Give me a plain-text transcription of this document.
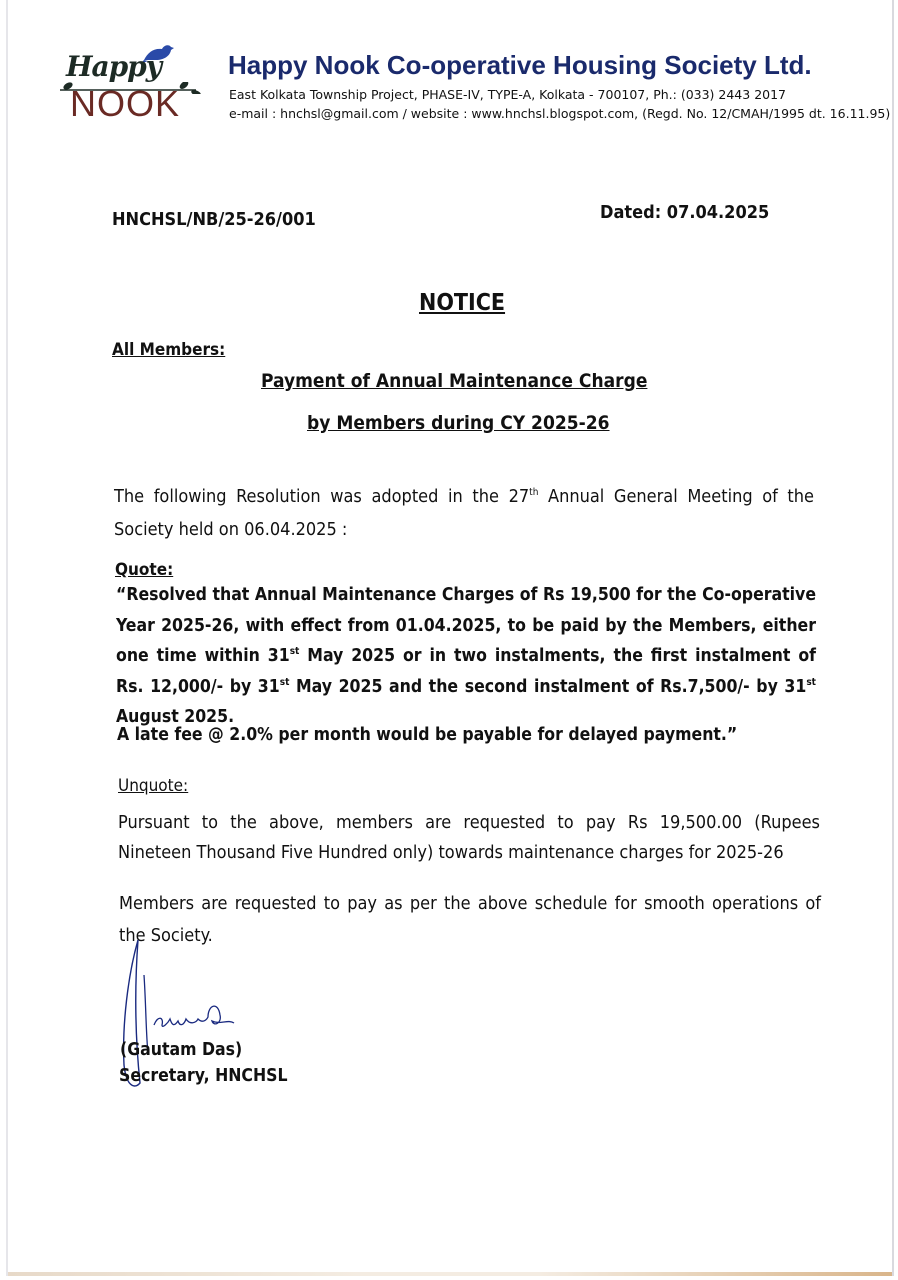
Happy
NOOK
Happy Nook Co-operative Housing Society Ltd.
East Kolkata Township Project, PHASE-IV, TYPE-A, Kolkata - 700107, Ph.: (033) 2443 2017
e-mail : hnchsl@gmail.com / website : www.hnchsl.blogspot.com, (Regd. No. 12/CMAH/1995 dt. 16.11.95)
HNCHSL/NB/25-26/001	Dated: 07.04.2025
NOTICE
All Members:
Payment of Annual Maintenance Charge
by Members during CY 2025-26
The following Resolution was adopted in the 27th Annual General Meeting of the Society held on 06.04.2025 :
Quote:
“Resolved that Annual Maintenance Charges of Rs 19,500 for the Co-operative Year 2025-26, with effect from 01.04.2025, to be paid by the Members, either one time within 31st May 2025 or in two instalments, the first instalment of Rs. 12,000/- by 31st May 2025 and the second instalment of Rs.7,500/- by 31st August 2025.
A late fee @ 2.0% per month would be payable for delayed payment.”
Unquote:
Pursuant to the above, members are requested to pay Rs 19,500.00 (Rupees Nineteen Thousand Five Hundred only) towards maintenance charges for 2025-26
Members are requested to pay as per the above schedule for smooth operations of the Society.
(Gautam Das)
Secretary, HNCHSL
